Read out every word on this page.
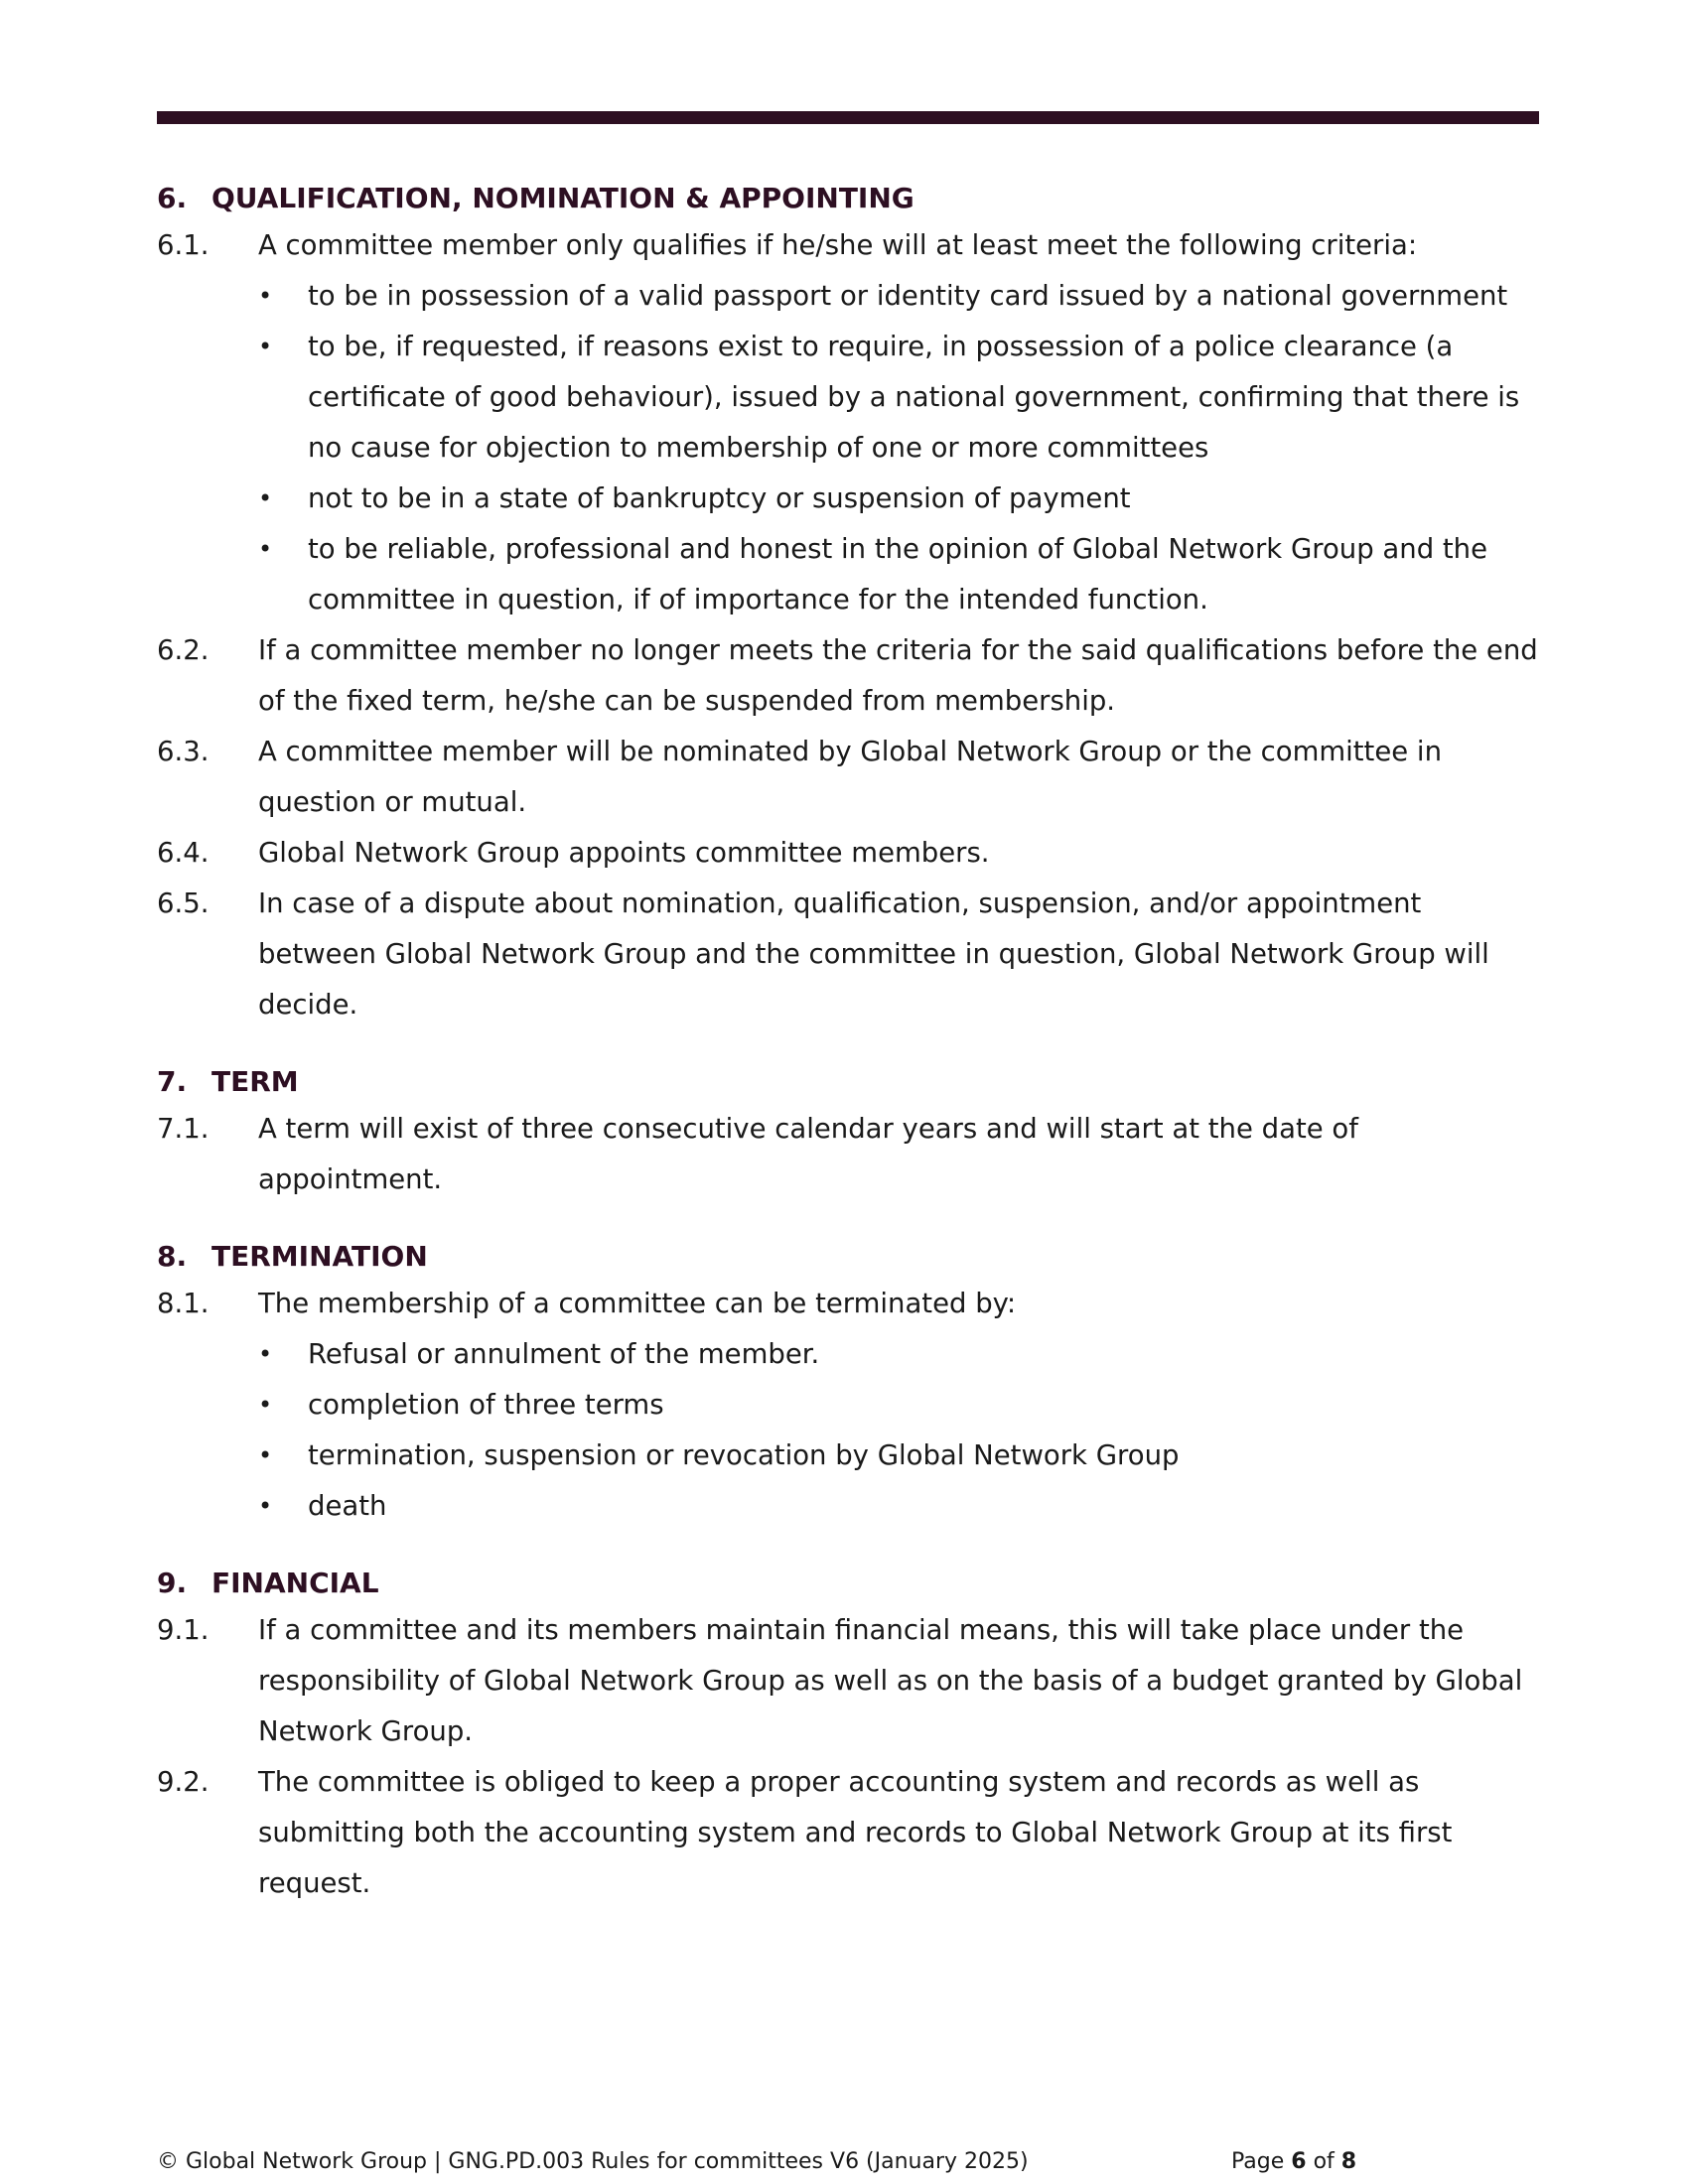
6. QUALIFICATION, NOMINATION & APPOINTING
6.1.	A committee member only qualifies if he/she will at least meet the following criteria:
•	to be in possession of a valid passport or identity card issued by a national government
•	to be, if requested, if reasons exist to require, in possession of a police clearance (a certificate of good behaviour), issued by a national government, confirming that there is no cause for objection to membership of one or more committees
•	not to be in a state of bankruptcy or suspension of payment
•	to be reliable, professional and honest in the opinion of Global Network Group and the committee in question, if of importance for the intended function.
6.2.	If a committee member no longer meets the criteria for the said qualifications before the end of the fixed term, he/she can be suspended from membership.
6.3.	A committee member will be nominated by Global Network Group or the committee in question or mutual.
6.4.	Global Network Group appoints committee members.
6.5.	In case of a dispute about nomination, qualification, suspension, and/or appointment between Global Network Group and the committee in question, Global Network Group will decide.
7. TERM
7.1.	A term will exist of three consecutive calendar years and will start at the date of appointment.
8. TERMINATION
8.1.	The membership of a committee can be terminated by:
•	Refusal or annulment of the member.
•	completion of three terms
•	termination, suspension or revocation by Global Network Group
•	death
9. FINANCIAL
9.1.	If a committee and its members maintain financial means, this will take place under the responsibility of Global Network Group as well as on the basis of a budget granted by Global Network Group.
9.2.	The committee is obliged to keep a proper accounting system and records as well as submitting both the accounting system and records to Global Network Group at its first request.
© Global Network Group | GNG.PD.003 Rules for committees V6 (January 2025)	Page 6 of 8
